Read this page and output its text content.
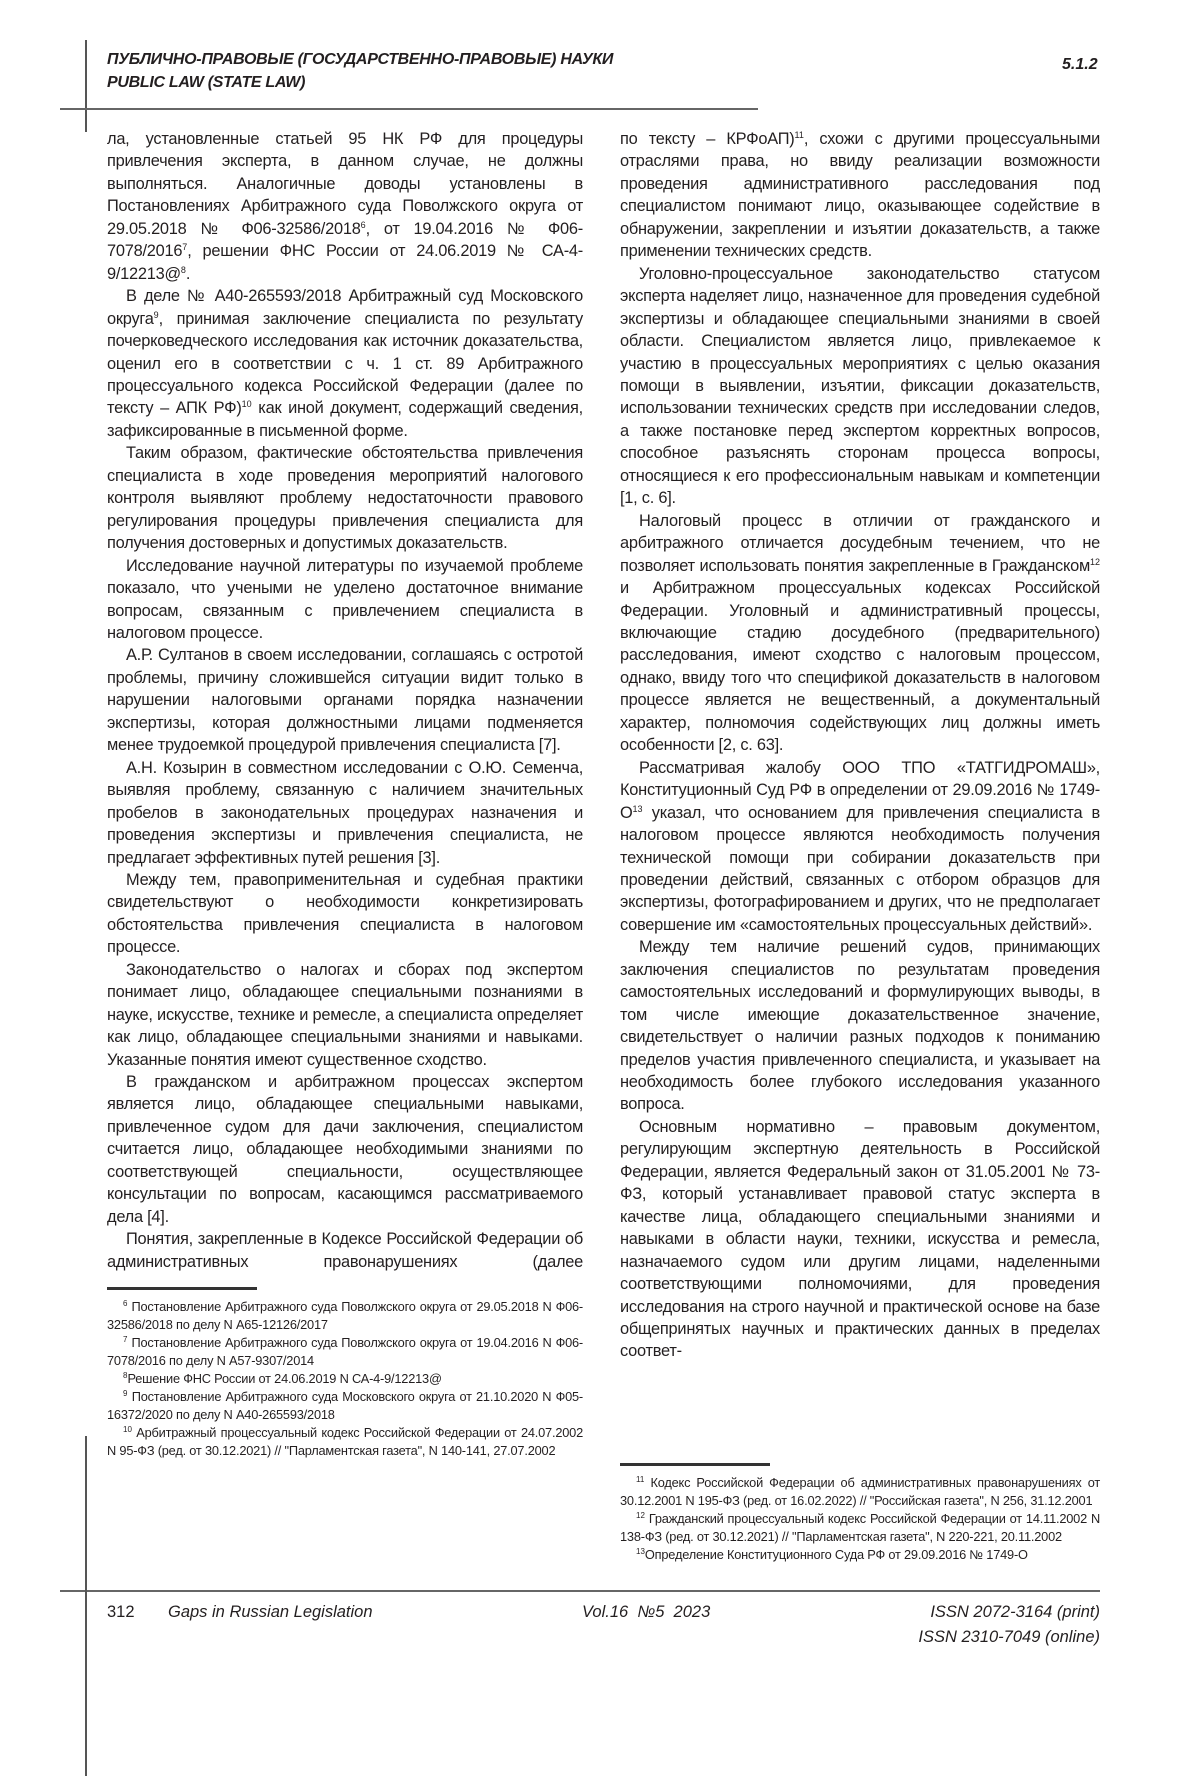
ПУБЛИЧНО-ПРАВОВЫЕ (ГОСУДАРСТВЕННО-ПРАВОВЫЕ) НАУКИ
PUBLIC LAW (STATE LAW)
5.1.2

ла, установленные статьей 95 НК РФ для процедуры привлечения эксперта, в данном случае, не должны выполняться. Аналогичные доводы установлены в Постановлениях Арбитражного суда Поволжского округа от 29.05.2018 № Ф06-32586/20186, от 19.04.2016 № Ф06-7078/20167, решении ФНС России от 24.06.2019 № СА-4-9/12213@8.

В деле № А40-265593/2018 Арбитражный суд Московского округа9, принимая заключение специалиста по результату почерковедческого исследования как источник доказательства, оценил его в соответствии с ч. 1 ст. 89 Арбитражного процессуального кодекса Российской Федерации (далее по тексту – АПК РФ)10 как иной документ, содержащий сведения, зафиксированные в письменной форме.

Таким образом, фактические обстоятельства привлечения специалиста в ходе проведения мероприятий налогового контроля выявляют проблему недостаточности правового регулирования процедуры привлечения специалиста для получения достоверных и допустимых доказательств.

Исследование научной литературы по изучаемой проблеме показало, что учеными не уделено достаточное внимание вопросам, связанным с привлечением специалиста в налоговом процессе.

А.Р. Султанов в своем исследовании, соглашаясь с остротой проблемы, причину сложившейся ситуации видит только в нарушении налоговыми органами порядка назначении экспертизы, которая должностными лицами подменяется менее трудоемкой процедурой привлечения специалиста [7].

А.Н. Козырин в совместном исследовании с О.Ю. Семенча, выявляя проблему, связанную с наличием значительных пробелов в законодательных процедурах назначения и проведения экспертизы и привлечения специалиста, не предлагает эффективных путей решения [3].

Между тем, правоприменительная и судебная практики свидетельствуют о необходимости конкретизировать обстоятельства привлечения специалиста в налоговом процессе.

Законодательство о налогах и сборах под экспертом понимает лицо, обладающее специальными познаниями в науке, искусстве, технике и ремесле, а специалиста определяет как лицо, обладающее специальными знаниями и навыками. Указанные понятия имеют существенное сходство.

В гражданском и арбитражном процессах экспертом является лицо, обладающее специальными навыками, привлеченное судом для дачи заключения, специалистом считается лицо, обладающее необходимыми знаниями по соответствующей специальности, осуществляющее консультации по вопросам, касающимся рассматриваемого дела [4].

Понятия, закрепленные в Кодексе Российской Федерации об административных правонарушениях (далее

6 Постановление Арбитражного суда Поволжского округа от 29.05.2018 N Ф06-32586/2018 по делу N А65-12126/2017

7 Постановление Арбитражного суда Поволжского округа от 19.04.2016 N Ф06-7078/2016 по делу N А57-9307/2014

8Решение ФНС России от 24.06.2019 N СА-4-9/12213@

9 Постановление Арбитражного суда Московского округа от 21.10.2020 N Ф05-16372/2020 по делу N А40-265593/2018

10 Арбитражный процессуальный кодекс Российской Федерации от 24.07.2002 N 95-ФЗ (ред. от 30.12.2021) // "Парламентская газета", N 140-141, 27.07.2002

по тексту – КРФоАП)11, схожи с другими процессуальными отраслями права, но ввиду реализации возможности проведения административного расследования под специалистом понимают лицо, оказывающее содействие в обнаружении, закреплении и изъятии доказательств, а также применении технических средств.

Уголовно-процессуальное законодательство статусом эксперта наделяет лицо, назначенное для проведения судебной экспертизы и обладающее специальными знаниями в своей области. Специалистом является лицо, привлекаемое к участию в процессуальных мероприятиях с целью оказания помощи в выявлении, изъятии, фиксации доказательств, использовании технических средств при исследовании следов, а также постановке перед экспертом корректных вопросов, способное разъяснять сторонам процесса вопросы, относящиеся к его профессиональным навыкам и компетенции [1, с. 6].

Налоговый процесс в отличии от гражданского и арбитражного отличается досудебным течением, что не позволяет использовать понятия закрепленные в Гражданском12 и Арбитражном процессуальных кодексах Российской Федерации. Уголовный и административный процессы, включающие стадию досудебного (предварительного) расследования, имеют сходство с налоговым процессом, однако, ввиду того что спецификой доказательств в налоговом процессе является не вещественный, а документальный характер, полномочия содействующих лиц должны иметь особенности [2, с. 63].

Рассматривая жалобу ООО ТПО «ТАТГИДРОМАШ», Конституционный Суд РФ в определении от 29.09.2016 № 1749-О13 указал, что основанием для привлечения специалиста в налоговом процессе являются необходимость получения технической помощи при собирании доказательств при проведении действий, связанных с отбором образцов для экспертизы, фотографированием и других, что не предполагает совершение им «самостоятельных процессуальных действий».

Между тем наличие решений судов, принимающих заключения специалистов по результатам проведения самостоятельных исследований и формулирующих выводы, в том числе имеющие доказательственное значение, свидетельствует о наличии разных подходов к пониманию пределов участия привлеченного специалиста, и указывает на необходимость более глубокого исследования указанного вопроса.

Основным нормативно – правовым документом, регулирующим экспертную деятельность в Российской Федерации, является Федеральный закон от 31.05.2001 № 73-ФЗ, который устанавливает правовой статус эксперта в качестве лица, обладающего специальными знаниями и навыками в области науки, техники, искусства и ремесла, назначаемого судом или другим лицами, наделенными соответствующими полномочиями, для проведения исследования на строго научной и практической основе на базе общепринятых научных и практических данных в пределах соответ-

11 Кодекс Российской Федерации об административных правонарушениях от 30.12.2001 N 195-ФЗ (ред. от 16.02.2022) // "Российская газета", N 256, 31.12.2001

12 Гражданский процессуальный кодекс Российской Федерации от 14.11.2002 N 138-ФЗ (ред. от 30.12.2021) // "Парламентская газета", N 220-221, 20.11.2002

13Определение Конституционного Суда РФ от 29.09.2016 № 1749-О

312 Gaps in Russian Legislation	Vol.16  №5  2023	ISSN 2072-3164 (print)
ISSN 2310-7049 (online)
